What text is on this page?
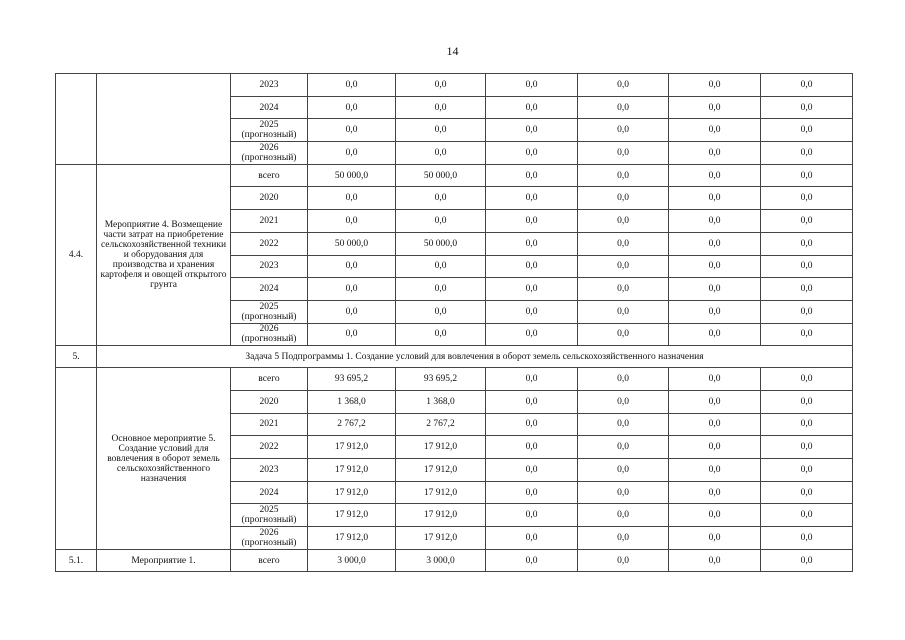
14
		2023	0,0	0,0	0,0	0,0	0,0	0,0
		2024	0,0	0,0	0,0	0,0	0,0	0,0
		2025 (прогнозный)	0,0	0,0	0,0	0,0	0,0	0,0
		2026 (прогнозный)	0,0	0,0	0,0	0,0	0,0	0,0
4.4.	Мероприятие 4. Возмещение части затрат на приобретение сельскохозяйственной техники и оборудования для производства и хранения картофеля и овощей открытого грунта	всего	50 000,0	50 000,0	0,0	0,0	0,0	0,0
		2020	0,0	0,0	0,0	0,0	0,0	0,0
		2021	0,0	0,0	0,0	0,0	0,0	0,0
		2022	50 000,0	50 000,0	0,0	0,0	0,0	0,0
		2023	0,0	0,0	0,0	0,0	0,0	0,0
		2024	0,0	0,0	0,0	0,0	0,0	0,0
		2025 (прогнозный)	0,0	0,0	0,0	0,0	0,0	0,0
		2026 (прогнозный)	0,0	0,0	0,0	0,0	0,0	0,0
5.	Задача 5 Подпрограммы 1. Создание условий для вовлечения в оборот земель сельскохозяйственного назначения							
	Основное мероприятие 5. Создание условий для вовлечения в оборот земель сельскохозяйственного назначения	всего	93 695,2	93 695,2	0,0	0,0	0,0	0,0
		2020	1 368,0	1 368,0	0,0	0,0	0,0	0,0
		2021	2 767,2	2 767,2	0,0	0,0	0,0	0,0
		2022	17 912,0	17 912,0	0,0	0,0	0,0	0,0
		2023	17 912,0	17 912,0	0,0	0,0	0,0	0,0
		2024	17 912,0	17 912,0	0,0	0,0	0,0	0,0
		2025 (прогнозный)	17 912,0	17 912,0	0,0	0,0	0,0	0,0
		2026 (прогнозный)	17 912,0	17 912,0	0,0	0,0	0,0	0,0
5.1.	Мероприятие 1.	всего	3 000,0	3 000,0	0,0	0,0	0,0	0,0
